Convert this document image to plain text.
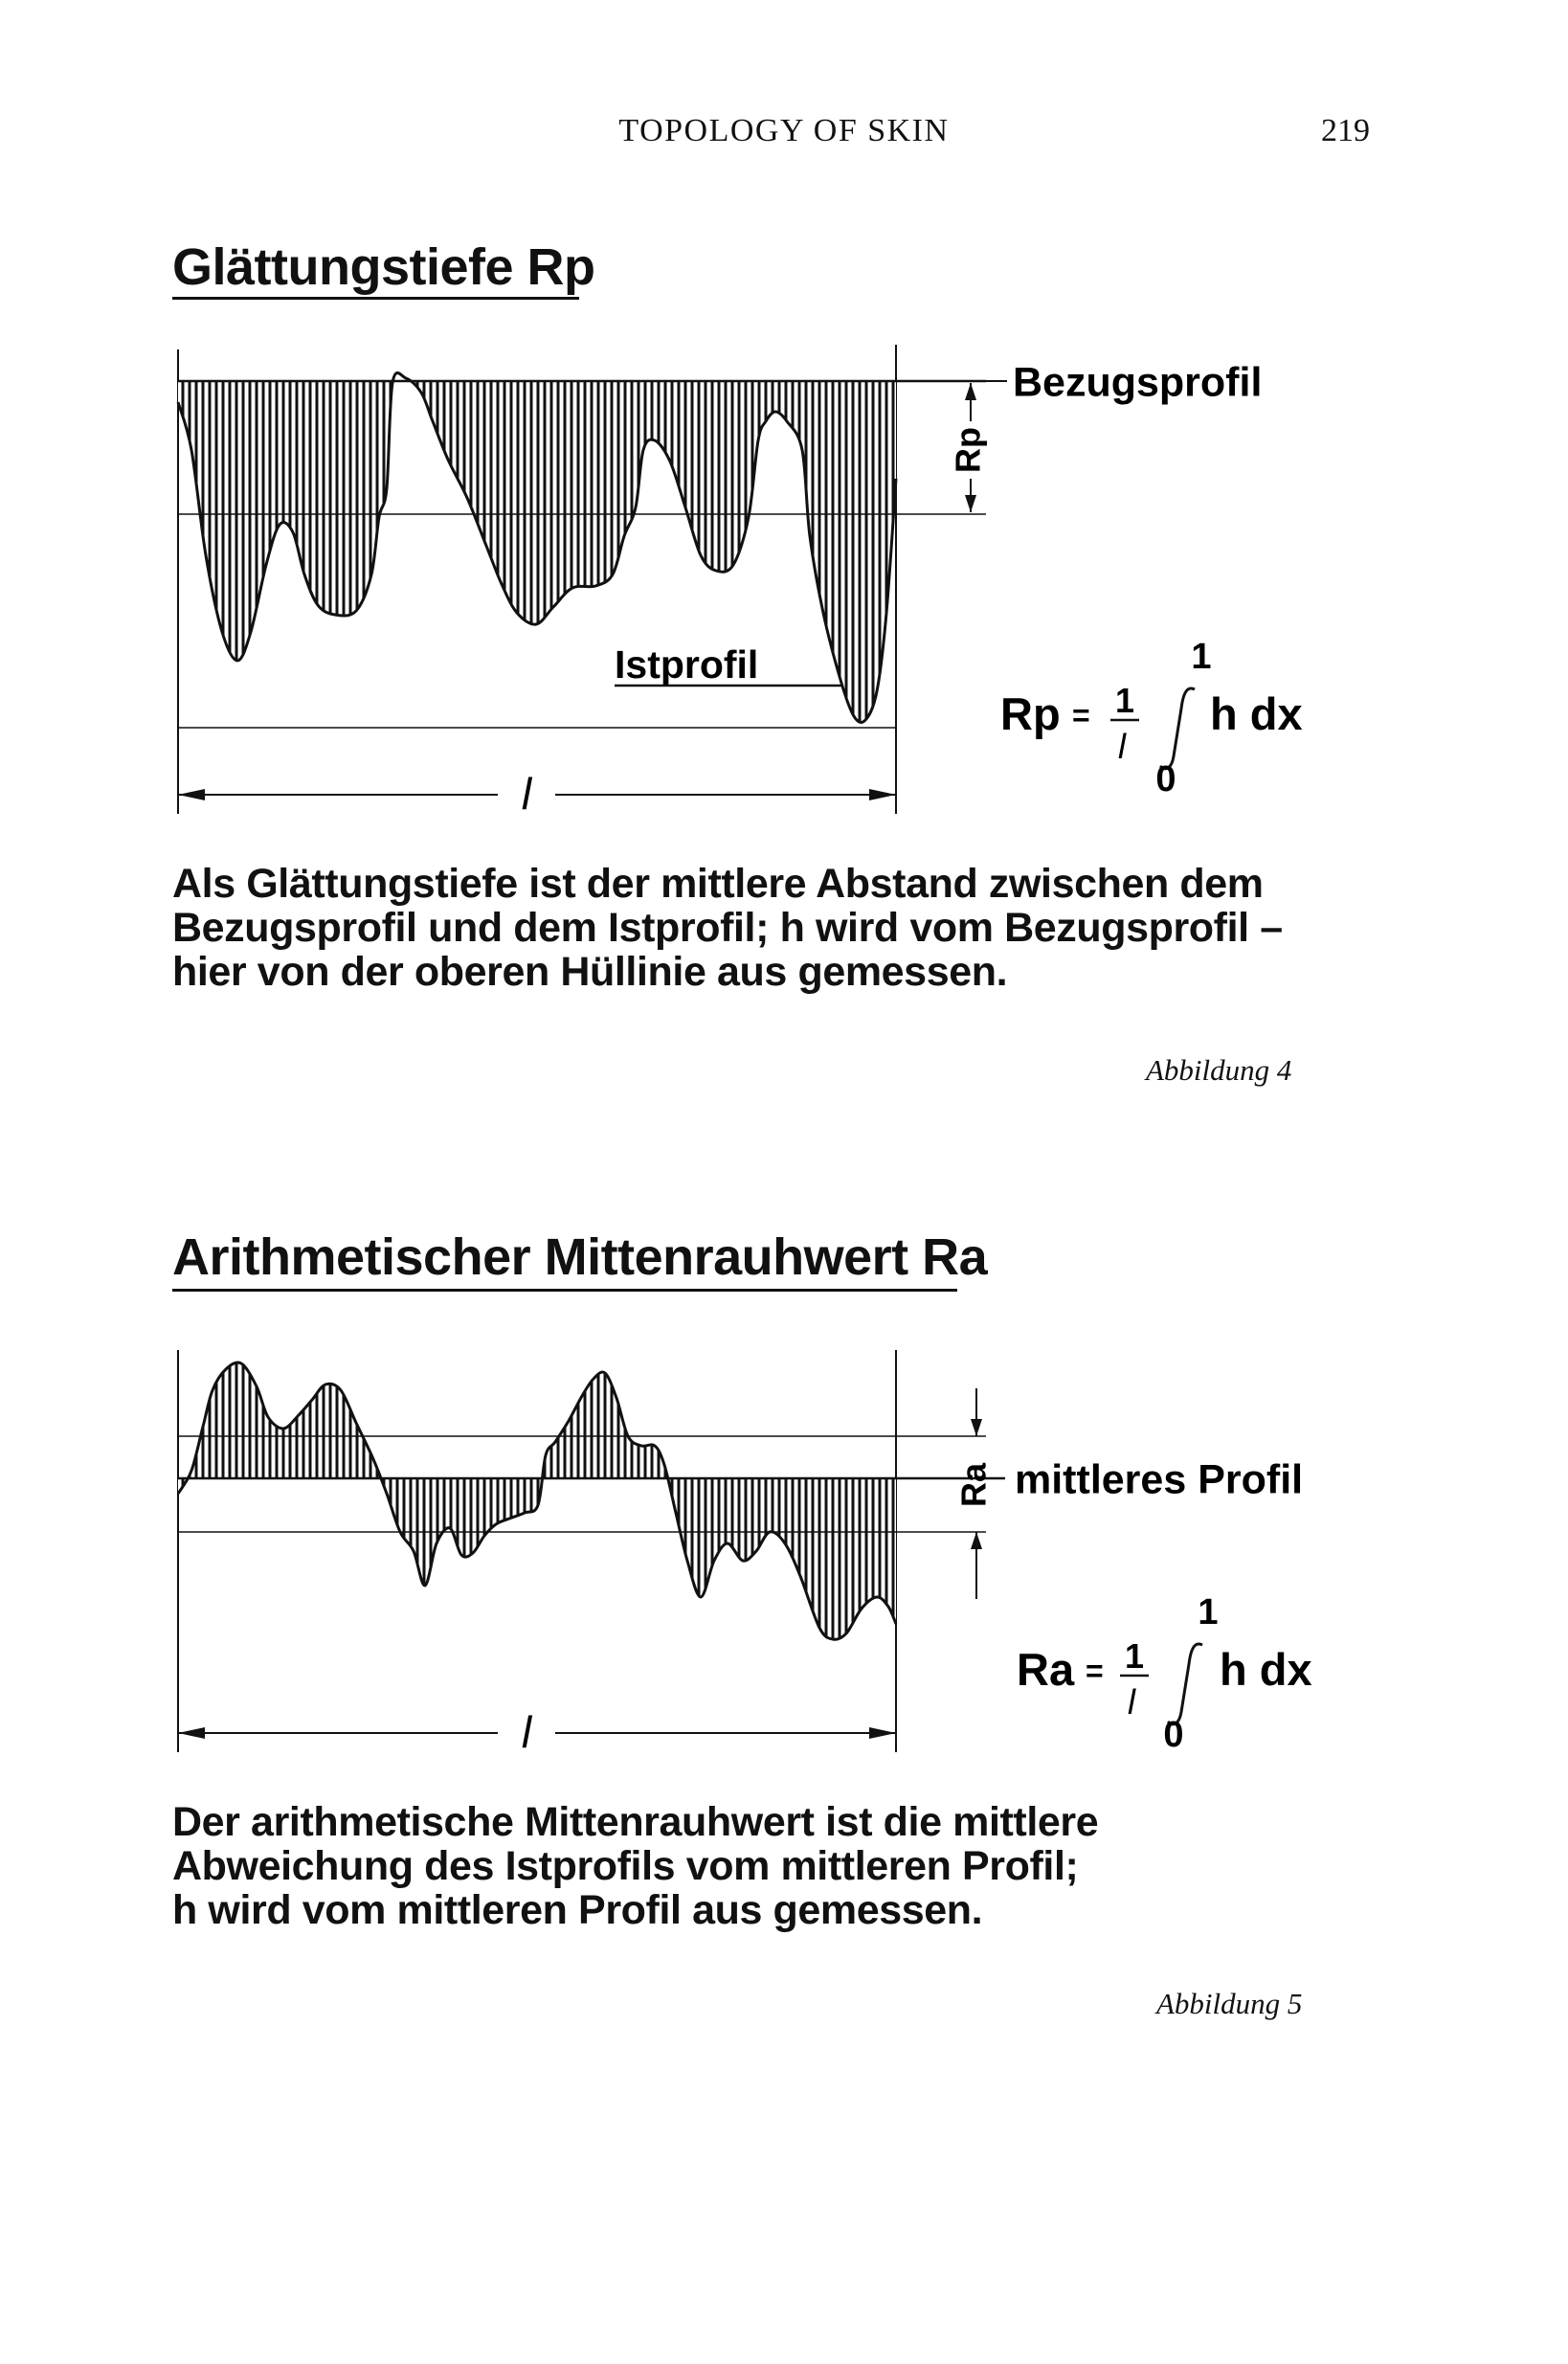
TOPOLOGY OF SKIN	219
Glättungstiefe Rp
Rp
Bezugsprofil
Istprofil
l
Rp = 1
l
1
0
h dx
Als Glättungstiefe ist der mittlere Abstand zwischen dem
Bezugsprofil und dem Istprofil; h wird vom Bezugsprofil –
hier von der oberen Hüllinie aus gemessen.
Abbildung 4
Arithmetischer Mittenrauhwert Ra
Ra mittleres Profil
l
Ra = 1
l
1
0
h dx
Der arithmetische Mittenrauhwert ist die mittlere
Abweichung des Istprofils vom mittleren Profil;
h wird vom mittleren Profil aus gemessen.
Abbildung 5
